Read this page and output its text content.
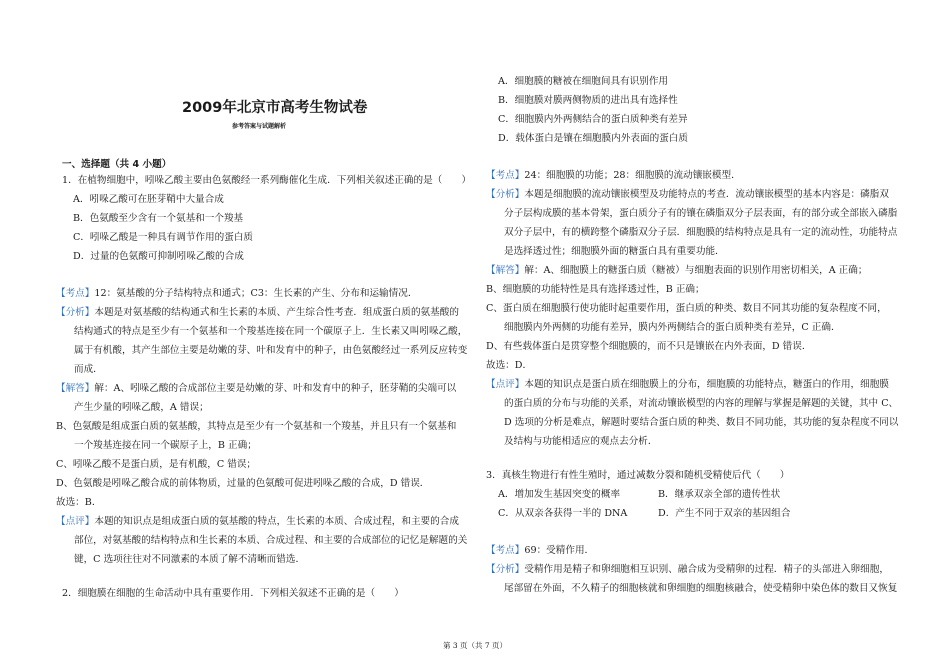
2009年北京市高考生物试卷
参考答案与试题解析
一、选择题（共 4 小题）
1．在植物细胞中，吲哚乙酸主要由色氨酸经一系列酶催化生成．下列相关叙述正确的是（　　）
A．吲哚乙酸可在胚芽鞘中大量合成
B．色氨酸至少含有一个氨基和一个羧基
C．吲哚乙酸是一种具有调节作用的蛋白质
D．过量的色氨酸可抑制吲哚乙酸的合成
【考点】12：氨基酸的分子结构特点和通式；C3：生长素的产生、分布和运输情况．
【分析】本题是对氨基酸的结构通式和生长素的本质、产生综合性考查．组成蛋白质的氨基酸的
结构通式的特点是至少有一个氨基和一个羧基连接在同一个碳原子上．生长素又叫吲哚乙酸，
属于有机酸，其产生部位主要是幼嫩的芽、叶和发育中的种子，由色氨酸经过一系列反应转变
而成．
【解答】解：A、吲哚乙酸的合成部位主要是幼嫩的芽、叶和发育中的种子，胚芽鞘的尖端可以
产生少量的吲哚乙酸，A 错误；
B、色氨酸是组成蛋白质的氨基酸，其特点是至少有一个氨基和一个羧基，并且只有一个氨基和
一个羧基连接在同一个碳原子上，B 正确；
C、吲哚乙酸不是蛋白质，是有机酸，C 错误；
D、色氨酸是吲哚乙酸合成的前体物质，过量的色氨酸可促进吲哚乙酸的合成，D 错误．
故选：B．
【点评】本题的知识点是组成蛋白质的氨基酸的特点，生长素的本质、合成过程，和主要的合成
部位，对氨基酸的结构特点和生长素的本质、合成过程、和主要的合成部位的记忆是解题的关
键，C 选项往往对不同激素的本质了解不清晰而错选．
2．细胞膜在细胞的生命活动中具有重要作用．下列相关叙述不正确的是（　　）
A．细胞膜的糖被在细胞间具有识别作用
B．细胞膜对膜两侧物质的进出具有选择性
C．细胞膜内外两侧结合的蛋白质种类有差异
D．载体蛋白是镶在细胞膜内外表面的蛋白质
【考点】24：细胞膜的功能；28：细胞膜的流动镶嵌模型．
【分析】本题是细胞膜的流动镶嵌模型及功能特点的考查．流动镶嵌模型的基本内容是：磷脂双
分子层构成膜的基本骨架，蛋白质分子有的镶在磷脂双分子层表面，有的部分或全部嵌入磷脂
双分子层中，有的横跨整个磷脂双分子层．细胞膜的结构特点是具有一定的流动性，功能特点
是选择透过性；细胞膜外面的糖蛋白具有重要功能．
【解答】解：A、细胞膜上的糖蛋白质（糖被）与细胞表面的识别作用密切相关，A 正确；
B、细胞膜的功能特性是具有选择透过性，B 正确；
C、蛋白质在细胞膜行使功能时起重要作用，蛋白质的种类、数目不同其功能的复杂程度不同，
细胞膜内外两侧的功能有差异，膜内外两侧结合的蛋白质种类有差异，C 正确．
D、有些载体蛋白是贯穿整个细胞膜的，而不只是镶嵌在内外表面，D 错误．
故选：D．
【点评】本题的知识点是蛋白质在细胞膜上的分布，细胞膜的功能特点，糖蛋白的作用，细胞膜
的蛋白质的分布与功能的关系，对流动镶嵌模型的内容的理解与掌握是解题的关键，其中 C、
D 选项的分析是难点，解题时要结合蛋白质的种类、数目不同功能，其功能的复杂程度不同以
及结构与功能相适应的观点去分析．
3．真核生物进行有性生殖时，通过减数分裂和随机受精使后代（　　）
A．增加发生基因突变的概率	B．继承双亲全部的遗传性状
C．从双亲各获得一半的 DNA	D．产生不同于双亲的基因组合
【考点】69：受精作用．
【分析】受精作用是精子和卵细胞相互识别、融合成为受精卵的过程．精子的头部进入卵细胞，
尾部留在外面，不久精子的细胞核就和卵细胞的细胞核融合，使受精卵中染色体的数目又恢复
第 3 页（共 7 页）
